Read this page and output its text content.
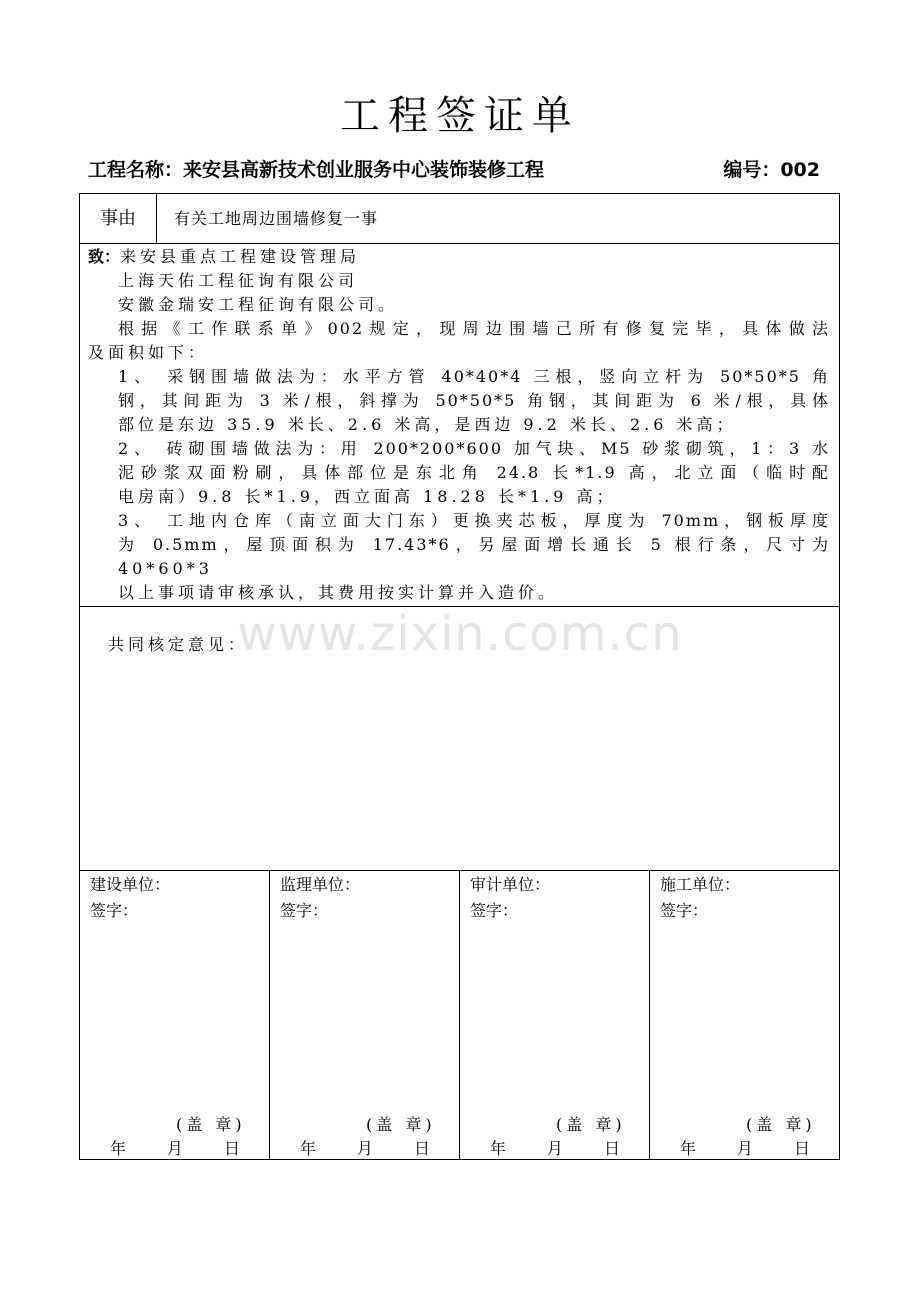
工程签证单
工程名称：来安县高新技术创业服务中心装饰装修工程	编号：002
事由	有关工地周边围墙修复一事
致：来安县重点工程建设管理局
上海天佑工程征询有限公司
安徽金瑞安工程征询有限公司。
根据《工作联系单》002规定，现周边围墙己所有修复完毕，具体做法
及面积如下：
1、 采钢围墙做法为：水平方管 40*40*4 三根，竖向立杆为 50*50*5 角
钢，其间距为 3 米/根，斜撑为 50*50*5 角钢，其间距为 6 米/根，具体
部位是东边 35.9 米长、2.6 米高，是西边 9.2 米长、2.6 米高；
2、 砖砌围墙做法为：用 200*200*600 加气块、M5 砂浆砌筑，1：3 水
泥砂浆双面粉刷，具体部位是东北角 24.8 长*1.9 高，北立面（临时配
电房南）9.8 长*1.9，西立面高 18.28 长*1.9 高；
3、 工地内仓库（南立面大门东）更换夹芯板，厚度为 70mm，钢板厚度
为 0.5mm，屋顶面积为 17.43*6，另屋面增长通长 5 根行条，尺寸为
40*60*3
以上事项请审核承认，其费用按实计算并入造价。
www.zixin.com.cn
共同核定意见：
建设单位：
签字：
(盖 章)
年 月 日
监理单位：
签字：
(盖 章)
年 月 日
审计单位：
签字：
(盖 章)
年 月 日
施工单位：
签字：
(盖 章)
年 月 日
